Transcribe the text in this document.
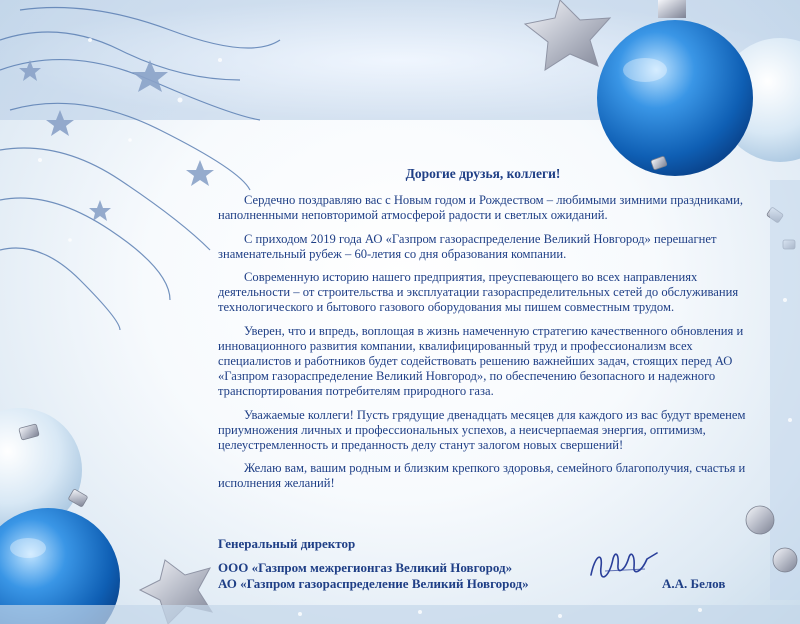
Дорогие друзья, коллеги!

Сердечно поздравляю вас с Новым годом и Рождеством – любимыми зимними праздниками, наполненными неповторимой атмосферой радости и светлых ожиданий.

С приходом 2019 года АО «Газпром газораспределение Великий Новгород» перешагнет знаменательный рубеж – 60-летия со дня образования компании.

Современную историю нашего предприятия, преуспевающего во всех направлениях деятельности – от строительства и эксплуатации газораспределительных сетей до обслуживания технологического и бытового газового оборудования мы пишем совместным трудом.

Уверен, что и впредь, воплощая в жизнь намеченную стратегию качественного обновления и инновационного развития компании, квалифицированный труд и профессионализм всех специалистов и работников будет содействовать решению важнейших задач, стоящих перед АО «Газпром газораспределение Великий Новгород», по обеспечению безопасного и надежного транспортирования потребителям природного газа.

Уважаемые коллеги! Пусть грядущие двенадцать месяцев для каждого из вас будут временем приумножения личных и профессиональных успехов, а неисчерпаемая энергия, оптимизм, целеустремленность и преданность делу станут залогом новых свершений!

Желаю вам, вашим родным и близким крепкого здоровья, семейного благополучия, счастья и исполнения желаний!

Генеральный директор
ООО «Газпром межрегионгаз Великий Новгород»
АО «Газпром газораспределение Великий Новгород»	А.А. Белов
